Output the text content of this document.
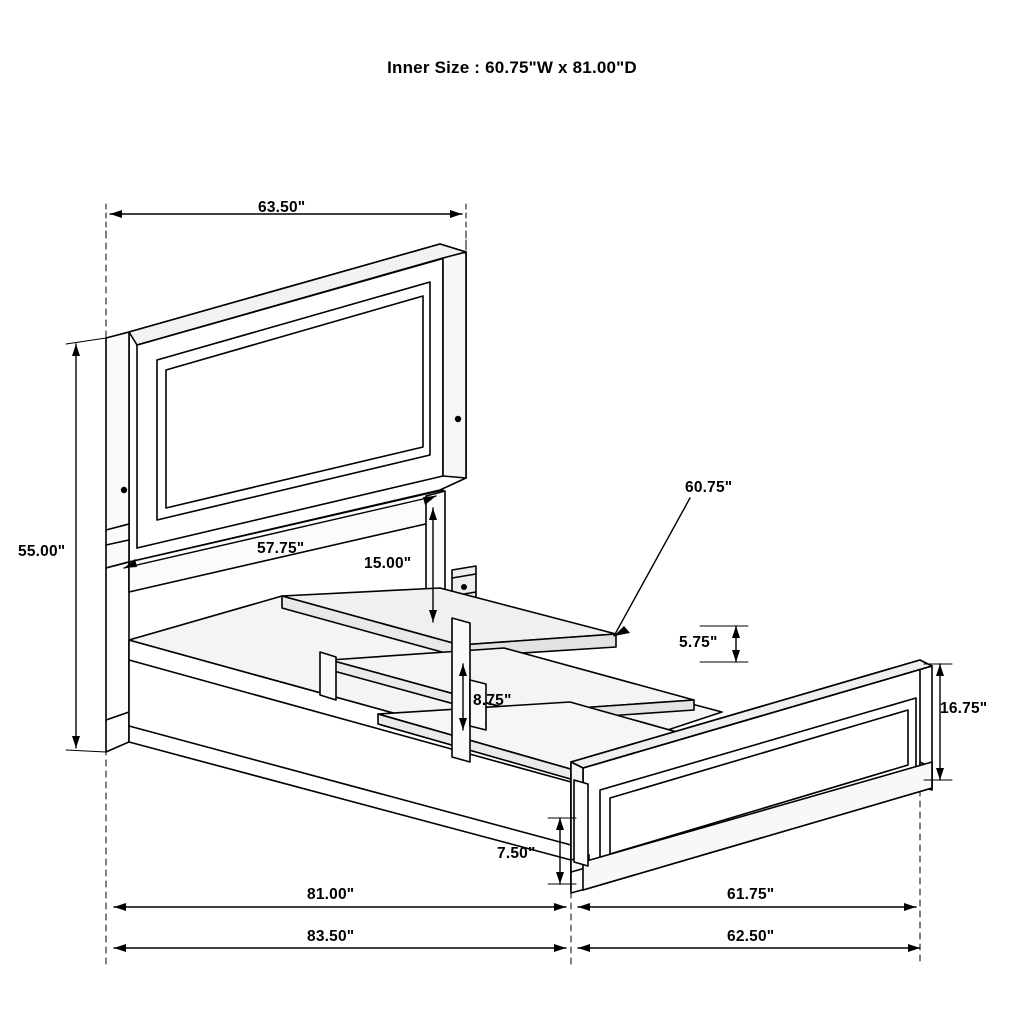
Inner Size : 60.75"W x 81.00"D
63.50"
57.75"
55.00"
15.00"
60.75"
5.75"
8.75"	16.75"
7.50"
81.00"	61.75"
83.50"	62.50"
